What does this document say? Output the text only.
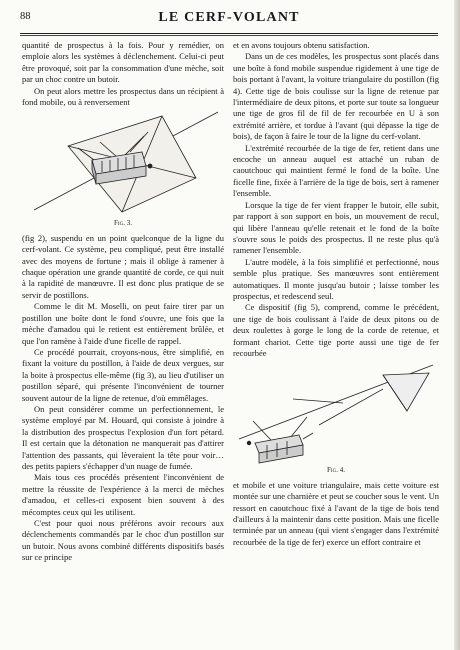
88	LE CERF-VOLANT

quantité de prospectus à la fois. Pour y remédier, on emploie alors les systèmes à déclenchement. Celui-ci peut être provoqué, soit par la consommation d'une mèche, soit par un choc contre un butoir.

On peut alors mettre les prospectus dans un récipient à fond mobile, ou à renversement

Fig. 3.

(fig 2), suspendu en un point quelconque de la ligne du cerf-volant. Ce système, peu compliqué, peut être installé avec des moyens de fortune ; mais il oblige à ramener à chaque opération une grande quantité de corde, ce qui nuit à la rapidité de manœuvre. Il est donc plus pratique de se servir de postillons.

Comme le dit M. Moselli, on peut faire tirer par un postillon une boîte dont le fond s'ouvre, une fois que la mèche d'amadou qui le retient est entièrement brûlée, et que l'on ramène à l'aide d'une ficelle de rappel.

Ce procédé pourrait, croyons-nous, être simplifié, en fixant la voiture du postillon, à l'aide de deux vergues, sur la boite à prospectus elle-même (fig 3), au lieu d'utiliser un postillon séparé, qui présente l'inconvénient de tourner souvent autour de la ligne de retenue, d'où emmêlages.

On peut considérer comme un perfectionnement, le système employé par M. Houard, qui consiste à joindre à la distribution des prospectus l'explosion d'un fort pétard. Il est certain que la détonation ne manquerait pas d'attirer l'attention des passants, qui lèveraient la tête pour voir… des petits papiers s'échapper d'un nuage de fumée.

Mais tous ces procédés présentent l'inconvénient de mettre la réussite de l'expérience à la merci de mèches d'amadou, et celles-ci exposent bien souvent à des mécomptes ceux qui les utilisent.

C'est pour quoi nous préférons avoir recours aux déclenchements commandés par le choc d'un postillon sur un butoir. Nous avons combiné différents dispositifs basés sur ce principe

et en avons toujours obtenu satisfaction.

Dans un de ces modèles, les prospectus sont placés dans une boîte à fond mobile suspendue rigidement à une tige de bois portant à l'avant, la voiture triangulaire du postillon (fig 4). Cette tige de bois coulisse sur la ligne de retenue par l'intermédiaire de deux pitons, et porte sur toute sa longueur une tige de gros fil de fil de fer recourbée en U à son extrémité arrière, et tordue à l'avant (qui dépasse la tige de bois), de façon à faire le tour de la ligne du cerf-volant.

L'extrémité recourbée de la tige de fer, retient dans une encoche un anneau auquel est attaché un ruban de caoutchouc qui maintient fermé le fond de la boîte. Une ficelle fine, fixée à l'arrière de la tige de bois, sert à ramener l'ensemble.

Lorsque la tige de fer vient frapper le butoir, elle subit, par rapport à son support en bois, un mouvement de recul, qui libère l'anneau qu'elle retenait et le fond de la boîte s'ouvre sous le poids des prospectus. Il ne reste plus qu'à ramener l'ensemble.

L'autre modèle, à la fois simplifié et perfectionné, nous semble plus pratique. Ses manœuvres sont entièrement automatiques. Il monte jusqu'au butoir ; laisse tomber les prospectus, et redescend seul.

Ce dispositif (fig 5), comprend, comme le précédent, une tige de bois coulissant à l'aide de deux pitons ou de deux roulettes à gorge le long de la corde de retenue, et formant chariot. Cette tige porte aussi une tige de fer recourbée

Fig. 4.

et mobile et une voiture triangulaire, mais cette voiture est montée sur une charnière et peut se coucher sous le vent. Un ressort en caoutchouc fixé à l'avant de la tige de bois tend d'ailleurs à la maintenir dans cette position. Mais une ficelle terminée par un anneau (qui vient s'engager dans l'extrémité recourbée de la tige de fer) exerce un effort contraire et
